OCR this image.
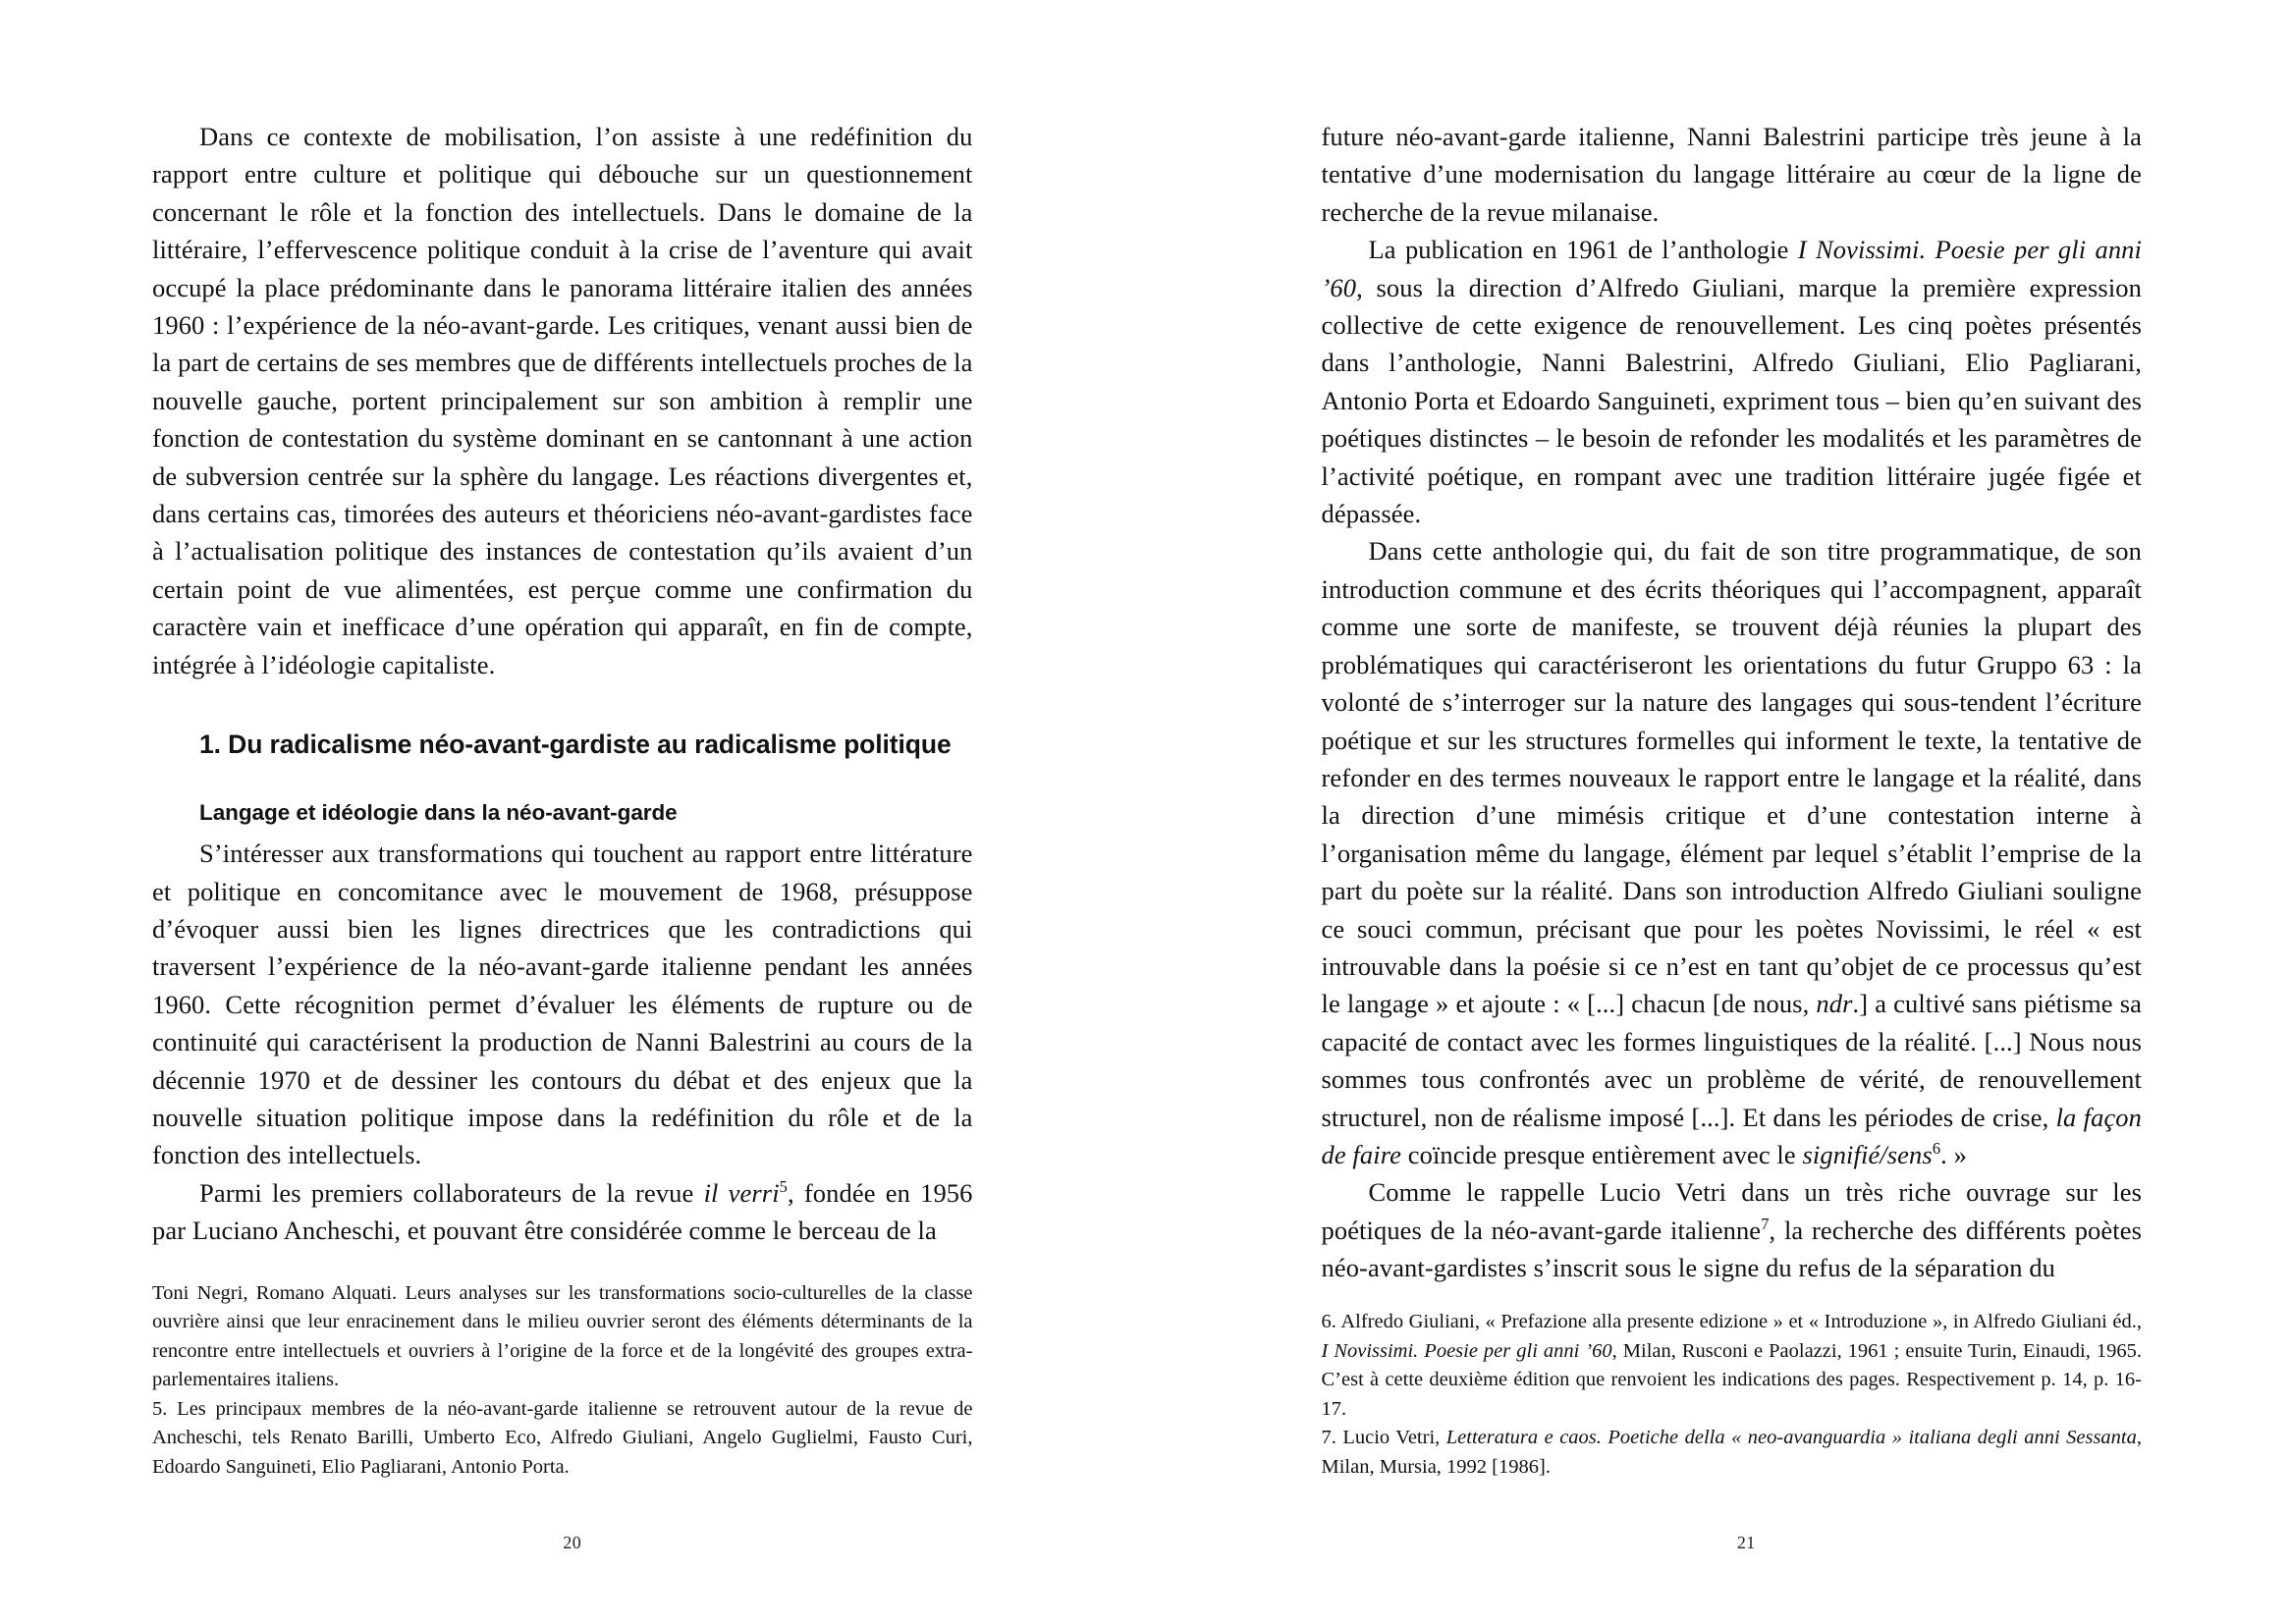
Dans ce contexte de mobilisation, l’on assiste à une redéfinition du rapport entre culture et politique qui débouche sur un questionnement concernant le rôle et la fonction des intellectuels. Dans le domaine de la littéraire, l’effervescence politique conduit à la crise de l’aventure qui avait occupé la place prédominante dans le panorama littéraire italien des années 1960 : l’expérience de la néo-avant-garde. Les critiques, venant aussi bien de la part de certains de ses membres que de différents intellectuels proches de la nouvelle gauche, portent principalement sur son ambition à remplir une fonction de contestation du système dominant en se cantonnant à une action de subversion centrée sur la sphère du langage. Les réactions divergentes et, dans certains cas, timorées des auteurs et théoriciens néo-avant-gardistes face à l’actualisation politique des instances de contestation qu’ils avaient d’un certain point de vue alimentées, est perçue comme une confirmation du caractère vain et inefficace d’une opération qui apparaît, en fin de compte, intégrée à l’idéologie capitaliste.

1. Du radicalisme néo-avant-gardiste au radicalisme politique
Langage et idéologie dans la néo-avant-garde

S’intéresser aux transformations qui touchent au rapport entre littérature et politique en concomitance avec le mouvement de 1968, présuppose d’évoquer aussi bien les lignes directrices que les contradictions qui traversent l’expérience de la néo-avant-garde italienne pendant les années 1960. Cette récognition permet d’évaluer les éléments de rupture ou de continuité qui caractérisent la production de Nanni Balestrini au cours de la décennie 1970 et de dessiner les contours du débat et des enjeux que la nouvelle situation politique impose dans la redéfinition du rôle et de la fonction des intellectuels.

Parmi les premiers collaborateurs de la revue il verri$^5$, fondée en 1956 par Luciano Ancheschi, et pouvant être considérée comme le berceau de la

Toni Negri, Romano Alquati. Leurs analyses sur les transformations socio-culturelles de la classe ouvrière ainsi que leur enracinement dans le milieu ouvrier seront des éléments déterminants de la rencontre entre intellectuels et ouvriers à l’origine de la force et de la longévité des groupes extra-parlementaires italiens.

5. Les principaux membres de la néo-avant-garde italienne se retrouvent autour de la revue de Ancheschi, tels Renato Barilli, Umberto Eco, Alfredo Giuliani, Angelo Guglielmi, Fausto Curi, Edoardo Sanguineti, Elio Pagliarani, Antonio Porta.

20

future néo-avant-garde italienne, Nanni Balestrini participe très jeune à la tentative d’une modernisation du langage littéraire au cœur de la ligne de recherche de la revue milanaise.

La publication en 1961 de l’anthologie I Novissimi. Poesie per gli anni ’60, sous la direction d’Alfredo Giuliani, marque la première expression collective de cette exigence de renouvellement. Les cinq poètes présentés dans l’anthologie, Nanni Balestrini, Alfredo Giuliani, Elio Pagliarani, Antonio Porta et Edoardo Sanguineti, expriment tous – bien qu’en suivant des poétiques distinctes – le besoin de refonder les modalités et les paramètres de l’activité poétique, en rompant avec une tradition littéraire jugée figée et dépassée.

Dans cette anthologie qui, du fait de son titre programmatique, de son introduction commune et des écrits théoriques qui l’accompagnent, apparaît comme une sorte de manifeste, se trouvent déjà réunies la plupart des problématiques qui caractériseront les orientations du futur Gruppo 63 : la volonté de s’interroger sur la nature des langages qui sous-tendent l’écriture poétique et sur les structures formelles qui informent le texte, la tentative de refonder en des termes nouveaux le rapport entre le langage et la réalité, dans la direction d’une mimésis critique et d’une contestation interne à l’organisation même du langage, élément par lequel s’établit l’emprise de la part du poète sur la réalité. Dans son introduction Alfredo Giuliani souligne ce souci commun, précisant que pour les poètes Novissimi, le réel « est introuvable dans la poésie si ce n’est en tant qu’objet de ce processus qu’est le langage » et ajoute : « [...] chacun [de nous, ndr.] a cultivé sans piétisme sa capacité de contact avec les formes linguistiques de la réalité. [...] Nous nous sommes tous confrontés avec un problème de vérité, de renouvellement structurel, non de réalisme imposé [...]. Et dans les périodes de crise, la façon de faire coïncide presque entièrement avec le signifié/sens$^6$. »

Comme le rappelle Lucio Vetri dans un très riche ouvrage sur les poétiques de la néo-avant-garde italienne$^7$, la recherche des différents poètes néo-avant-gardistes s’inscrit sous le signe du refus de la séparation du

6. Alfredo Giuliani, « Prefazione alla presente edizione » et « Introduzione », in Alfredo Giuliani éd., I Novissimi. Poesie per gli anni ’60, Milan, Rusconi e Paolazzi, 1961 ; ensuite Turin, Einaudi, 1965. C’est à cette deuxième édition que renvoient les indications des pages. Respectivement p. 14, p. 16-17.

7. Lucio Vetri, Letteratura e caos. Poetiche della « neo-avanguardia » italiana degli anni Sessanta, Milan, Mursia, 1992 [1986].

21
